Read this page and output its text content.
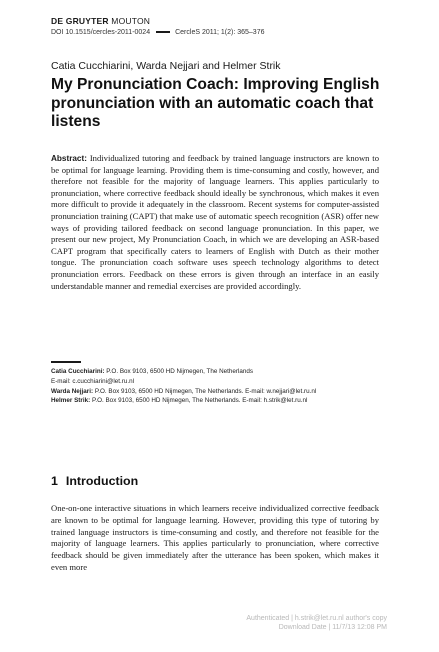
DE GRUYTER MOUTON
DOI 10.1515/cercles-2011-0024	CercleS 2011; 1(2): 365–376
Catia Cucchiarini, Warda Nejjari and Helmer Strik
My Pronunciation Coach: Improving English pronunciation with an automatic coach that listens

Abstract: Individualized tutoring and feedback by trained language instructors are known to be optimal for language learning. Providing them is time-consuming and costly, however, and therefore not feasible for the majority of language learners. This applies particularly to pronunciation, where corrective feedback should ideally be synchronous, which makes it even more difficult to provide it adequately in the classroom. Recent systems for computer-assisted pronunciation training (CAPT) that make use of automatic speech recognition (ASR) offer new ways of providing tailored feedback on second language pronunciation. In this paper, we present our new project, My Pronunciation Coach, in which we are developing an ASR-based CAPT program that specifically caters to learners of English with Dutch as their mother tongue. The pronunciation coach software uses speech technology algorithms to detect pronunciation errors. Feedback on these errors is given through an interface in an easily understandable manner and remedial exercises are provided accordingly.

Catia Cucchiarini: P.O. Box 9103, 6500 HD Nijmegen, The Netherlands
E-mail: c.cucchiarini@let.ru.nl
Warda Nejjari: P.O. Box 9103, 6500 HD Nijmegen, The Netherlands. E-mail: w.nejjari@let.ru.nl
Helmer Strik: P.O. Box 9103, 6500 HD Nijmegen, The Netherlands. E-mail: h.strik@let.ru.nl
1 Introduction

One-on-one interactive situations in which learners receive individualized corrective feedback are known to be optimal for language learning. However, providing this type of tutoring by trained language instructors is time-consuming and costly, and therefore not feasible for the majority of language learners. This applies particularly to pronunciation, where corrective feedback should be given immediately after the utterance has been spoken, which makes it even more

Authenticated | h.strik@let.ru.nl author's copy
Download Date | 11/7/13 12:08 PM
